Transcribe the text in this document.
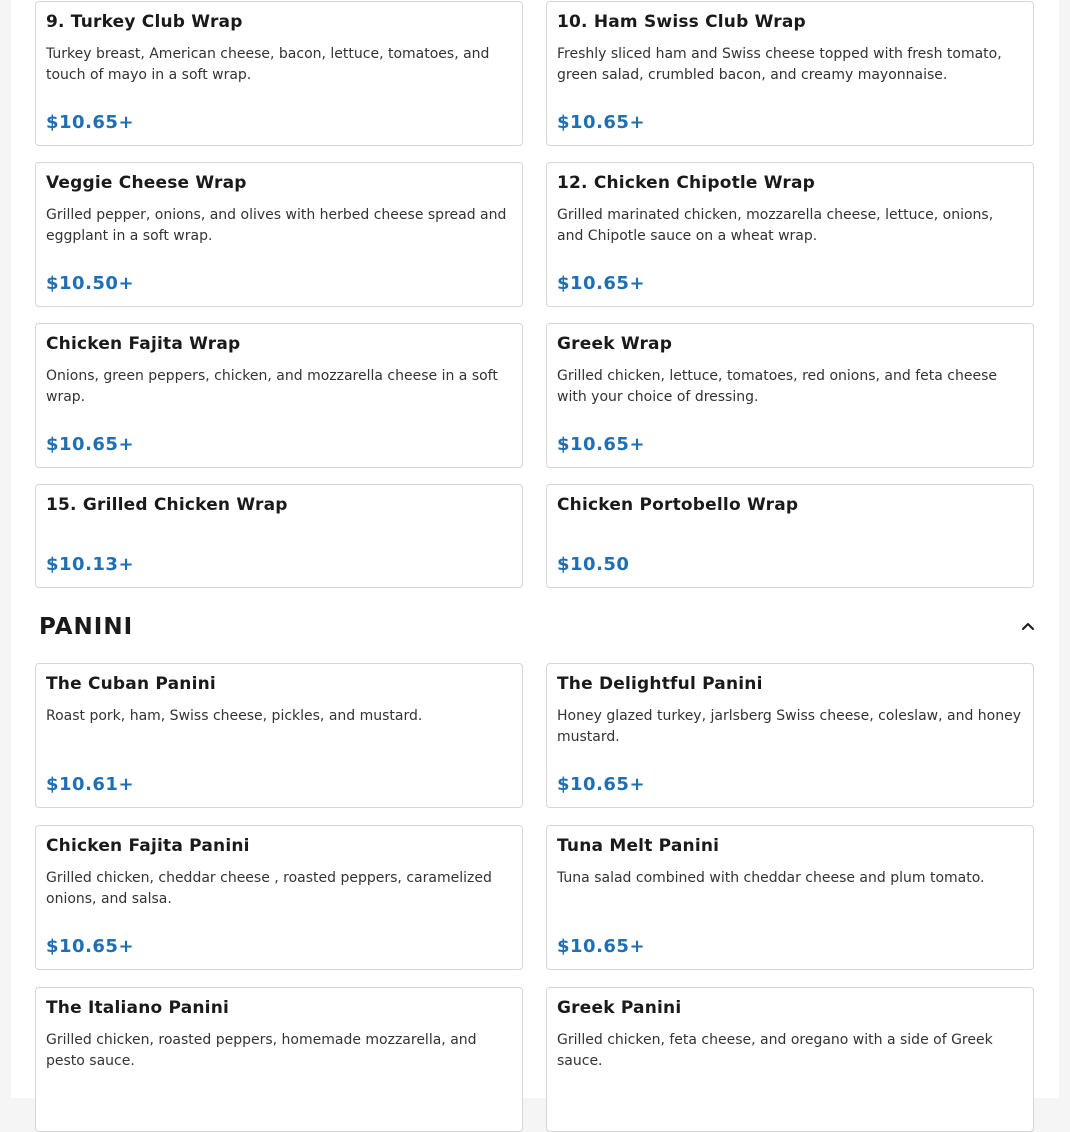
9. Turkey Club Wrap
Turkey breast, American cheese, bacon, lettuce, tomatoes, and touch of mayo in a soft wrap.
$10.65+
10. Ham Swiss Club Wrap
Freshly sliced ham and Swiss cheese topped with fresh tomato, green salad, crumbled bacon, and creamy mayonnaise.
$10.65+
Veggie Cheese Wrap
Grilled pepper, onions, and olives with herbed cheese spread and eggplant in a soft wrap.
$10.50+
12. Chicken Chipotle Wrap
Grilled marinated chicken, mozzarella cheese, lettuce, onions, and Chipotle sauce on a wheat wrap.
$10.65+
Chicken Fajita Wrap
Onions, green peppers, chicken, and mozzarella cheese in a soft wrap.
$10.65+
Greek Wrap
Grilled chicken, lettuce, tomatoes, red onions, and feta cheese with your choice of dressing.
$10.65+
15. Grilled Chicken Wrap
$10.13+
Chicken Portobello Wrap
$10.50
PANINI
The Cuban Panini
Roast pork, ham, Swiss cheese, pickles, and mustard.
$10.61+
The Delightful Panini
Honey glazed turkey, jarlsberg Swiss cheese, coleslaw, and honey mustard.
$10.65+
Chicken Fajita Panini
Grilled chicken, cheddar cheese , roasted peppers, caramelized onions, and salsa.
$10.65+
Tuna Melt Panini
Tuna salad combined with cheddar cheese and plum tomato.
$10.65+
The Italiano Panini
Grilled chicken, roasted peppers, homemade mozzarella, and pesto sauce.
Greek Panini
Grilled chicken, feta cheese, and oregano with a side of Greek sauce.
